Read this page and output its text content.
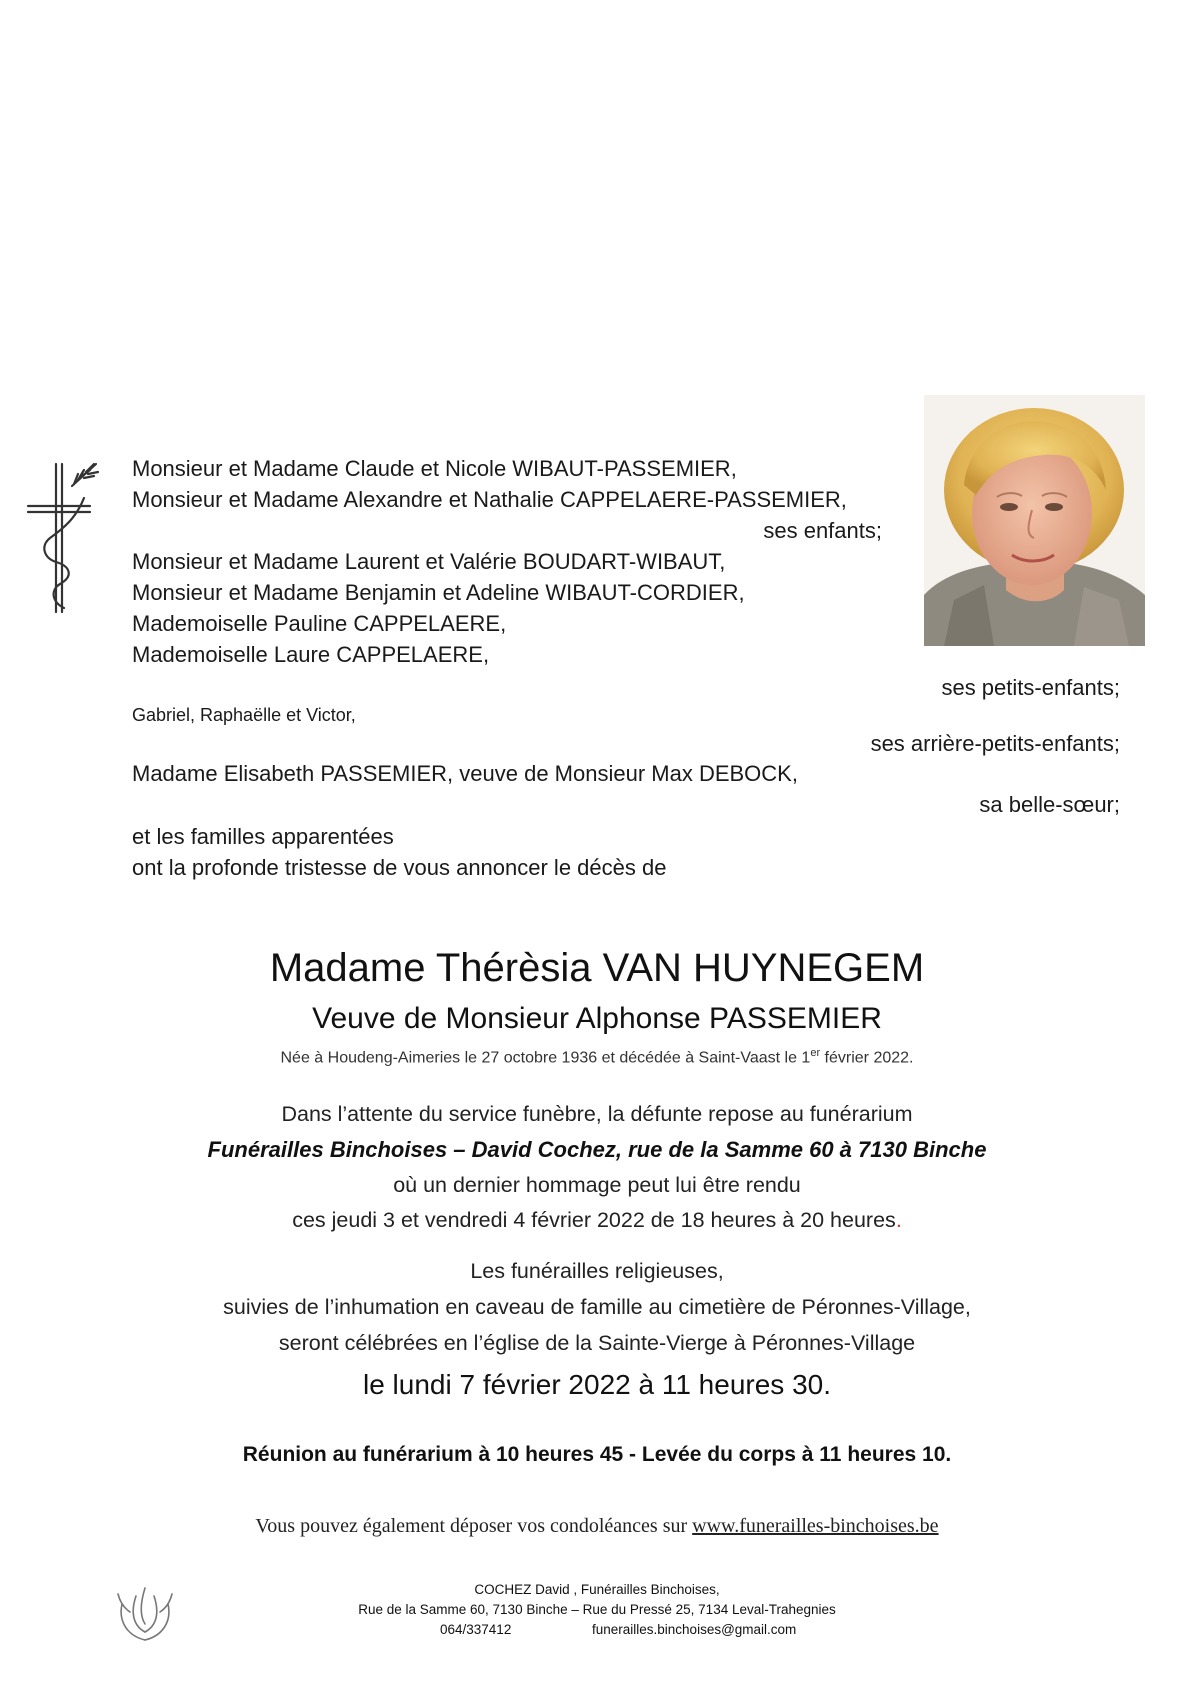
Monsieur et Madame Claude et Nicole WIBAUT-PASSEMIER,
Monsieur et Madame Alexandre et Nathalie CAPPELAERE-PASSEMIER,
ses enfants;
Monsieur et Madame Laurent et Valérie BOUDART-WIBAUT,
Monsieur et Madame Benjamin et Adeline WIBAUT-CORDIER,
Mademoiselle Pauline CAPPELAERE,
Mademoiselle Laure CAPPELAERE,
ses petits-enfants;
Gabriel, Raphaëlle et Victor,
ses arrière-petits-enfants;
Madame Elisabeth PASSEMIER, veuve de Monsieur Max DEBOCK,
sa belle-sœur;
et les familles apparentées
ont la profonde tristesse de vous annoncer le décès de
Madame Thérèsia VAN HUYNEGEM
Veuve de Monsieur Alphonse PASSEMIER
Née à Houdeng-Aimeries le 27 octobre 1936 et décédée à Saint-Vaast le 1er février 2022.
Dans l’attente du service funèbre, la défunte repose au funérarium
Funérailles Binchoises – David Cochez, rue de la Samme 60 à 7130 Binche
où un dernier hommage peut lui être rendu
ces jeudi 3 et vendredi 4 février 2022 de 18 heures à 20 heures.
Les funérailles religieuses,
suivies de l’inhumation en caveau de famille au cimetière de Péronnes-Village,
seront célébrées en l’église de la Sainte-Vierge à Péronnes-Village
le lundi 7 février 2022 à 11 heures 30.
Réunion au funérarium à 10 heures 45 - Levée du corps à 11 heures 10.
Vous pouvez également déposer vos condoléances sur www.funerailles-binchoises.be
COCHEZ David , Funérailles Binchoises,
Rue de la Samme 60, 7130 Binche – Rue du Pressé 25, 7134 Leval-Trahegnies
064/337412	funerailles.binchoises@gmail.com
